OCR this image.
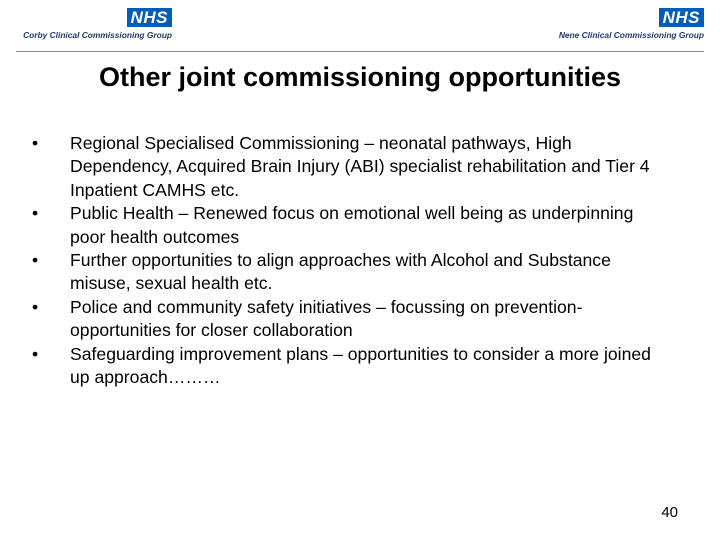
NHS
Corby Clinical Commissioning Group
NHS
Nene Clinical Commissioning Group
Other joint commissioning opportunities
•	Regional Specialised Commissioning – neonatal pathways, High Dependency, Acquired Brain Injury (ABI) specialist rehabilitation and Tier 4 Inpatient CAMHS etc.
•	Public Health – Renewed focus on emotional well being as underpinning poor health outcomes
•	Further opportunities to align approaches with Alcohol and Substance misuse, sexual health etc.
•	Police and community safety initiatives – focussing on prevention- opportunities for closer collaboration
•	Safeguarding improvement plans – opportunities to consider a more joined up approach………
40
